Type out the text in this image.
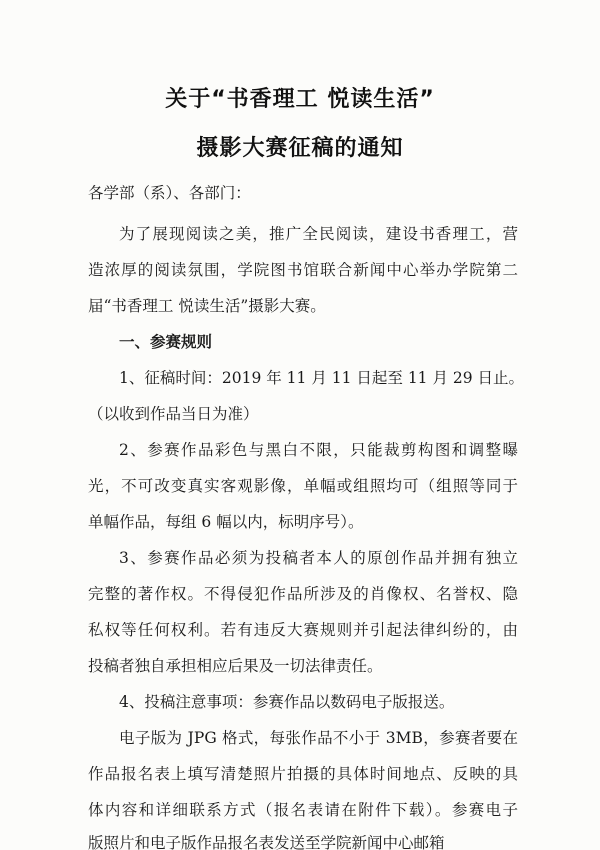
关于“书香理工 悦读生活”
摄影大赛征稿的通知
各学部（系）、各部门：
为了展现阅读之美，推广全民阅读，建设书香理工，营
造浓厚的阅读氛围，学院图书馆联合新闻中心举办学院第二
届“书香理工 悦读生活”摄影大赛。
一、参赛规则
1、征稿时间：2019 年 11 月 11 日起至 11 月 29 日止。
（以收到作品当日为准）
2、参赛作品彩色与黑白不限，只能裁剪构图和调整曝
光，不可改变真实客观影像，单幅或组照均可（组照等同于
单幅作品，每组 6 幅以内，标明序号）。
3、参赛作品必须为投稿者本人的原创作品并拥有独立
完整的著作权。不得侵犯作品所涉及的肖像权、名誉权、隐
私权等任何权利。若有违反大赛规则并引起法律纠纷的，由
投稿者独自承担相应后果及一切法律责任。
4、投稿注意事项：参赛作品以数码电子版报送。
电子版为 JPG 格式，每张作品不小于 3MB，参赛者要在
作品报名表上填写清楚照片拍摄的具体时间地点、反映的具
体内容和详细联系方式（报名表请在附件下载）。参赛电子
版照片和电子版作品报名表发送至学院新闻中心邮箱
